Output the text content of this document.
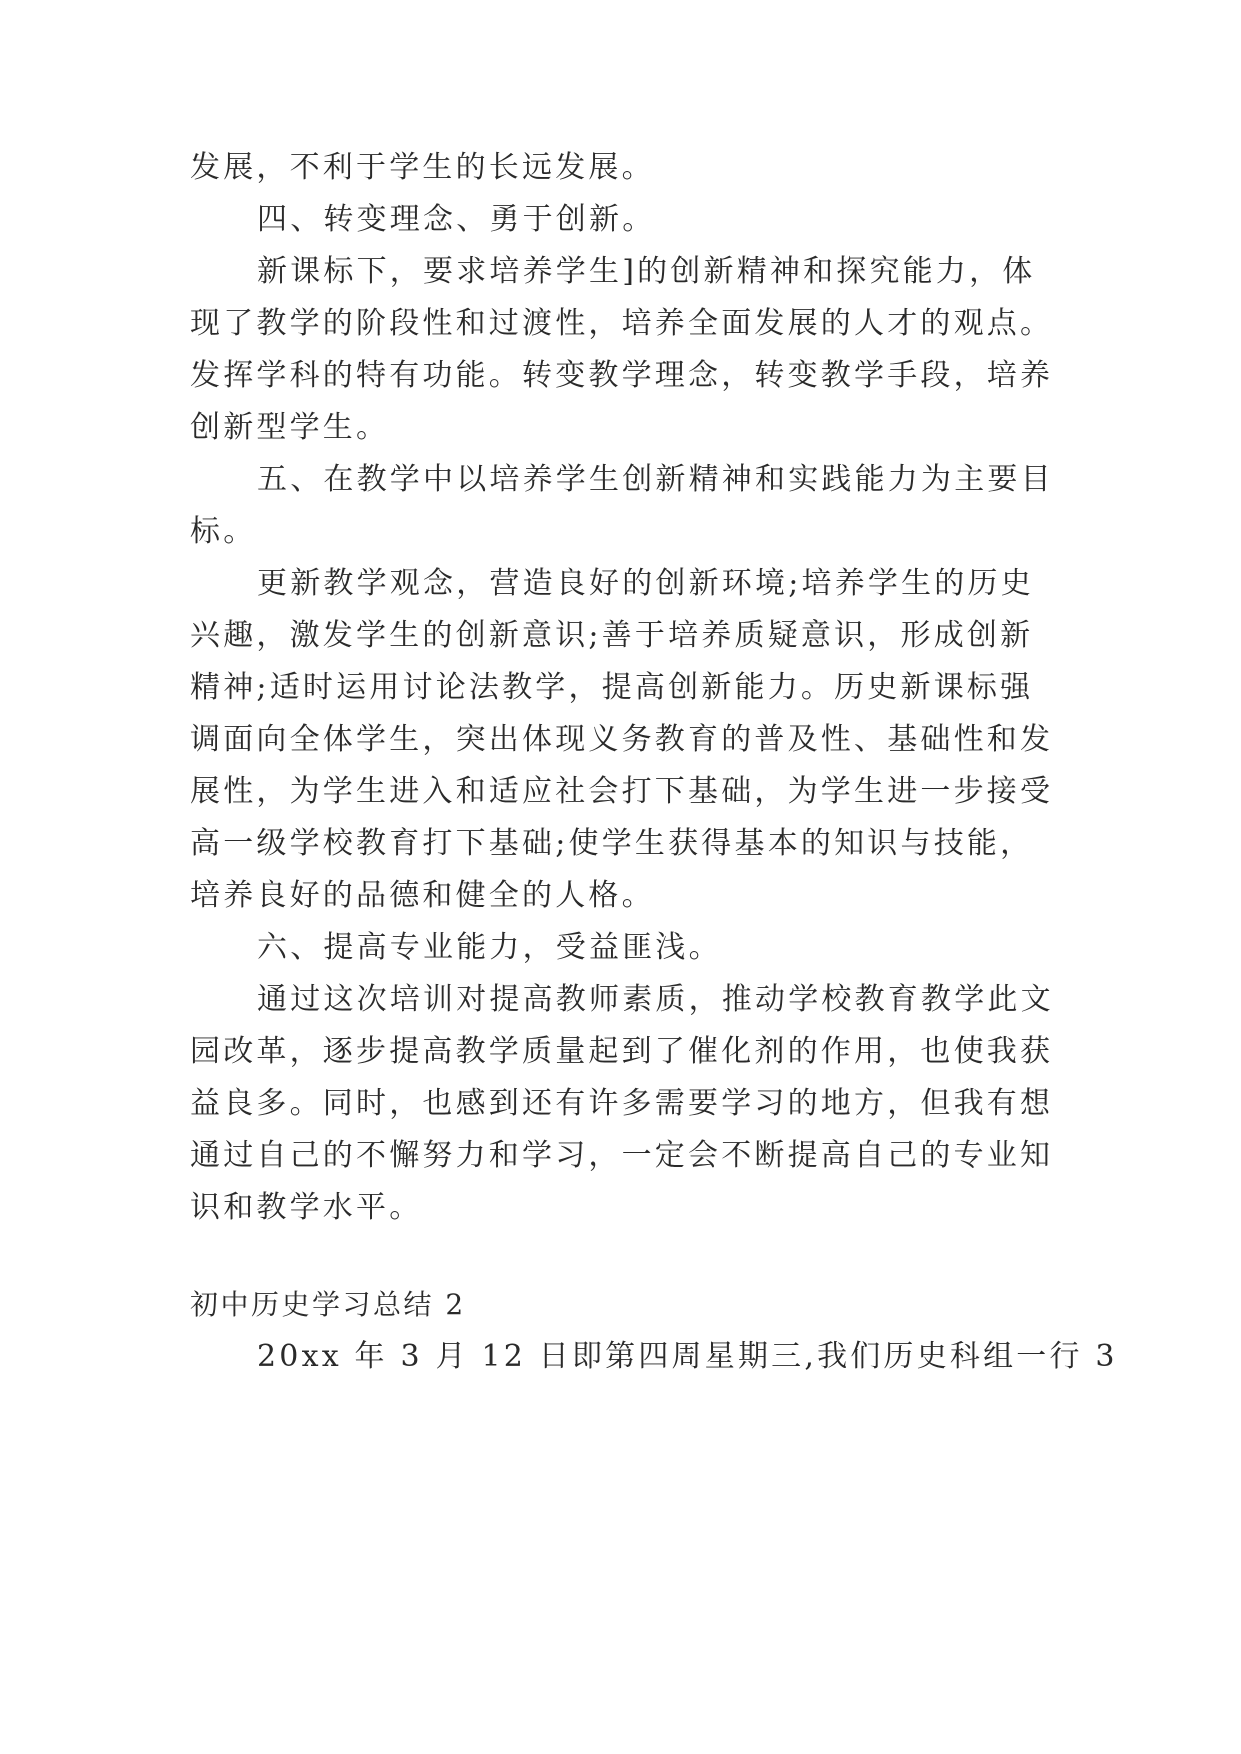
发展，不利于学生的长远发展。

四、转变理念、勇于创新。

新课标下，要求培养学生]的创新精神和探究能力，体

现了教学的阶段性和过渡性，培养全面发展的人才的观点。

发挥学科的特有功能。转变教学理念，转变教学手段，培养

创新型学生。

五、在教学中以培养学生创新精神和实践能力为主要目

标。

更新教学观念，营造良好的创新环境;培养学生的历史

兴趣，激发学生的创新意识;善于培养质疑意识，形成创新

精神;适时运用讨论法教学，提高创新能力。历史新课标强

调面向全体学生，突出体现义务教育的普及性、基础性和发

展性，为学生进入和适应社会打下基础，为学生进一步接受

高一级学校教育打下基础;使学生获得基本的知识与技能，

培养良好的品德和健全的人格。

六、提高专业能力，受益匪浅。

通过这次培训对提高教师素质，推动学校教育教学此文

园改革，逐步提高教学质量起到了催化剂的作用，也使我获

益良多。同时，也感到还有许多需要学习的地方，但我有想

通过自己的不懈努力和学习，一定会不断提高自己的专业知

识和教学水平。

初中历史学习总结 2

20xx 年 3 月 12 日即第四周星期三,我们历史科组一行 3
